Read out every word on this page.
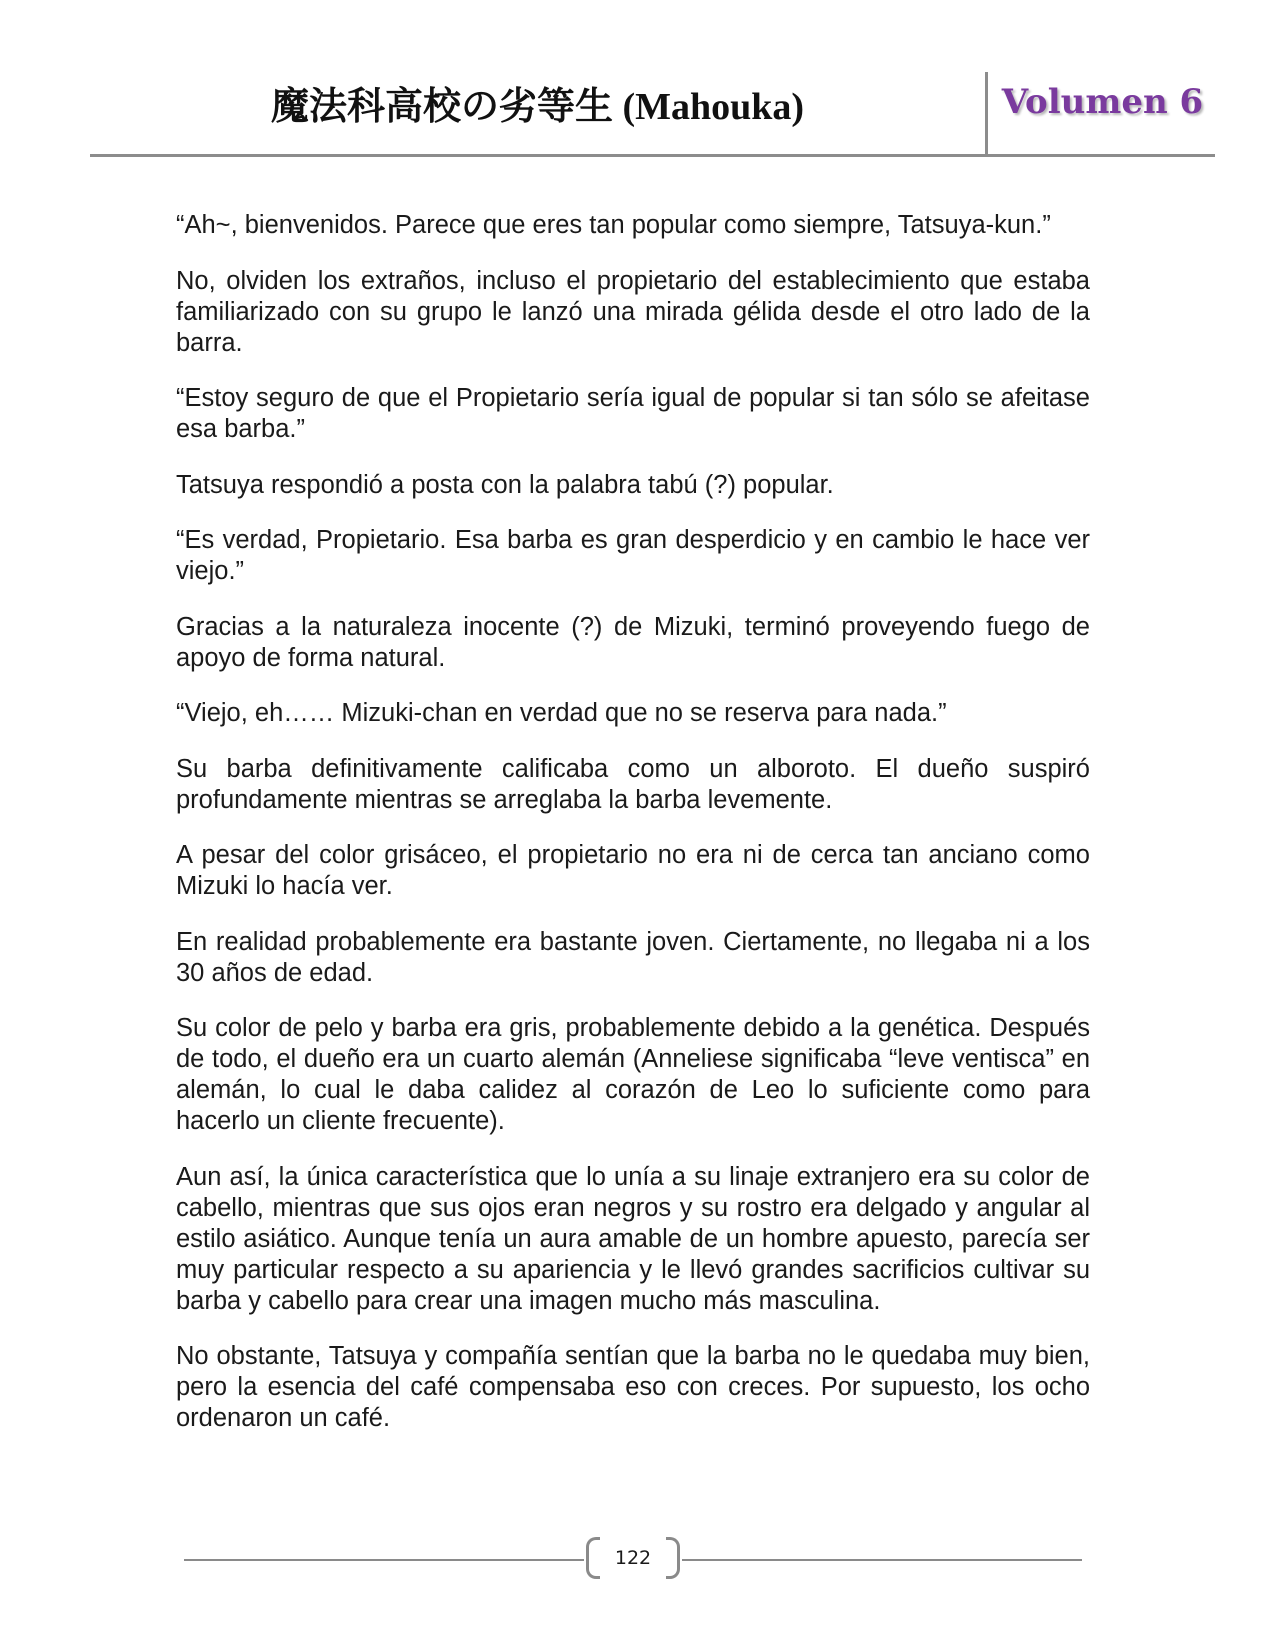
魔法科高校の劣等生 (Mahouka)	Volumen 6

“Ah~, bienvenidos. Parece que eres tan popular como siempre, Tatsuya-kun.”

No, olviden los extraños, incluso el propietario del establecimiento que estaba familiarizado con su grupo le lanzó una mirada gélida desde el otro lado de la barra.

“Estoy seguro de que el Propietario sería igual de popular si tan sólo se afeitase esa barba.”

Tatsuya respondió a posta con la palabra tabú (?) popular.

“Es verdad, Propietario. Esa barba es gran desperdicio y en cambio le hace ver viejo.”

Gracias a la naturaleza inocente (?) de Mizuki, terminó proveyendo fuego de apoyo de forma natural.

“Viejo, eh…… Mizuki-chan en verdad que no se reserva para nada.”

Su barba definitivamente calificaba como un alboroto. El dueño suspiró profundamente mientras se arreglaba la barba levemente.

A pesar del color grisáceo, el propietario no era ni de cerca tan anciano como Mizuki lo hacía ver.

En realidad probablemente era bastante joven. Ciertamente, no llegaba ni a los 30 años de edad.

Su color de pelo y barba era gris, probablemente debido a la genética. Después de todo, el dueño era un cuarto alemán (Anneliese significaba “leve ventisca” en alemán, lo cual le daba calidez al corazón de Leo lo suficiente como para hacerlo un cliente frecuente).

Aun así, la única característica que lo unía a su linaje extranjero era su color de cabello, mientras que sus ojos eran negros y su rostro era delgado y angular al estilo asiático. Aunque tenía un aura amable de un hombre apuesto, parecía ser muy particular respecto a su apariencia y le llevó grandes sacrificios cultivar su barba y cabello para crear una imagen mucho más masculina.

No obstante, Tatsuya y compañía sentían que la barba no le quedaba muy bien, pero la esencia del café compensaba eso con creces. Por supuesto, los ocho ordenaron un café.

122
